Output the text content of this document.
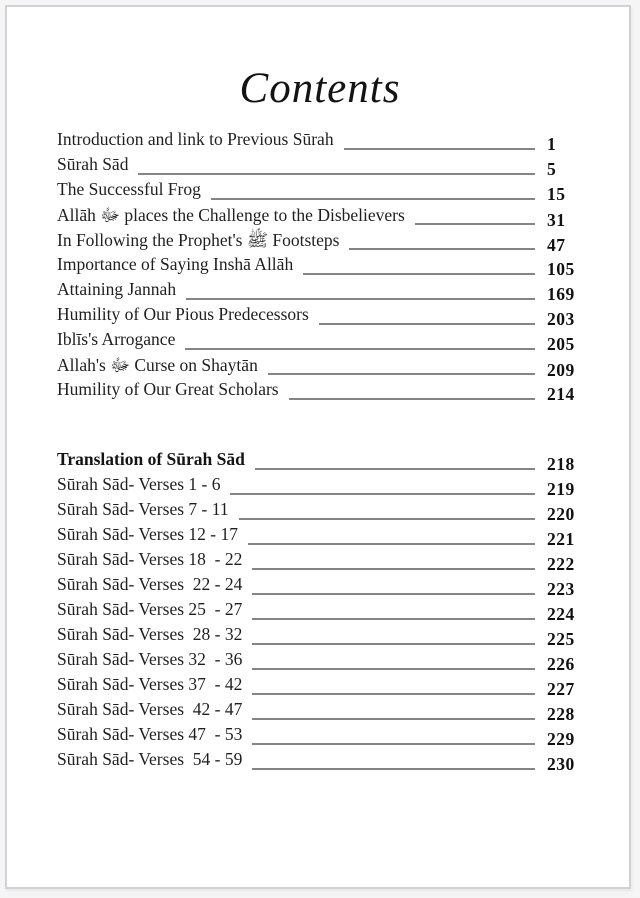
Contents
Introduction and link to Previous Sūrah	1
Sūrah Sād	5
The Successful Frog	15
Allāh ﷻ places the Challenge to the Disbelievers	31
In Following the Prophet's ﷺ Footsteps	47
Importance of Saying Inshā Allāh	105
Attaining Jannah	169
Humility of Our Pious Predecessors	203
Iblīs's Arrogance	205
Allah's ﷻ Curse on Shaytān	209
Humility of Our Great Scholars	214
Translation of Sūrah Sād	218
Sūrah Sād- Verses 1 - 6	219
Sūrah Sād- Verses 7 - 11	220
Sūrah Sād- Verses 12 - 17	221
Sūrah Sād- Verses 18  - 22	222
Sūrah Sād- Verses  22 - 24	223
Sūrah Sād- Verses 25  - 27	224
Sūrah Sād- Verses  28 - 32	225
Sūrah Sād- Verses 32  - 36	226
Sūrah Sād- Verses 37  - 42	227
Sūrah Sād- Verses  42 - 47	228
Sūrah Sād- Verses 47  - 53	229
Sūrah Sād- Verses  54 - 59	230
